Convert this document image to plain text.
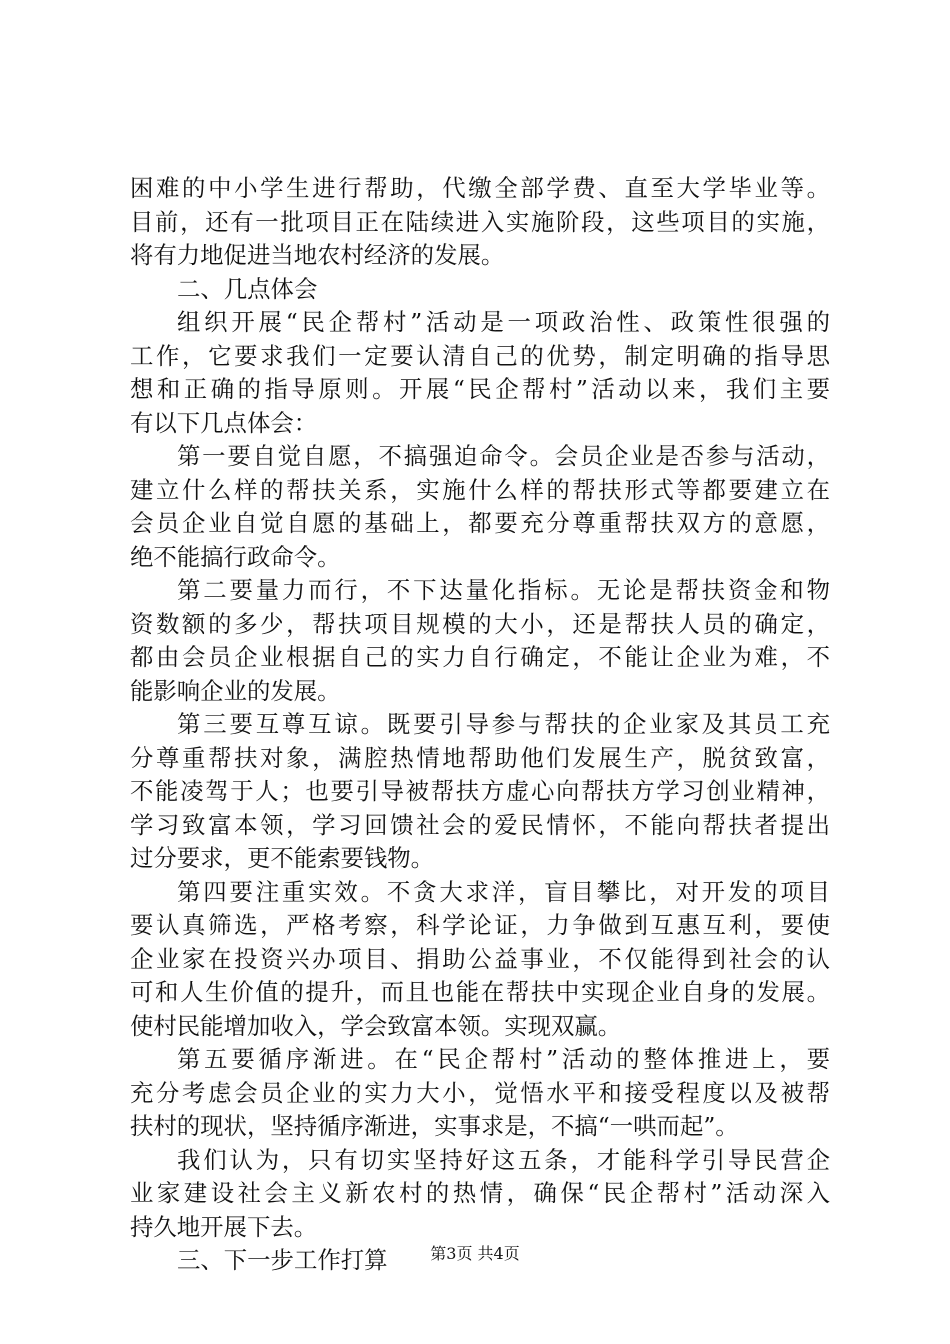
困难的中小学生进行帮助，代缴全部学费、直至大学毕业等。
目前，还有一批项目正在陆续进入实施阶段，这些项目的实施，
将有力地促进当地农村经济的发展。
二、几点体会
组织开展“民企帮村”活动是一项政治性、政策性很强的
工作，它要求我们一定要认清自己的优势，制定明确的指导思
想和正确的指导原则。开展“民企帮村”活动以来，我们主要
有以下几点体会：
第一要自觉自愿，不搞强迫命令。会员企业是否参与活动，
建立什么样的帮扶关系，实施什么样的帮扶形式等都要建立在
会员企业自觉自愿的基础上，都要充分尊重帮扶双方的意愿，
绝不能搞行政命令。
第二要量力而行，不下达量化指标。无论是帮扶资金和物
资数额的多少，帮扶项目规模的大小，还是帮扶人员的确定，
都由会员企业根据自己的实力自行确定，不能让企业为难，不
能影响企业的发展。
第三要互尊互谅。既要引导参与帮扶的企业家及其员工充
分尊重帮扶对象，满腔热情地帮助他们发展生产，脱贫致富，
不能凌驾于人；也要引导被帮扶方虚心向帮扶方学习创业精神，
学习致富本领，学习回馈社会的爱民情怀，不能向帮扶者提出
过分要求，更不能索要钱物。
第四要注重实效。不贪大求洋，盲目攀比，对开发的项目
要认真筛选，严格考察，科学论证，力争做到互惠互利，要使
企业家在投资兴办项目、捐助公益事业，不仅能得到社会的认
可和人生价值的提升，而且也能在帮扶中实现企业自身的发展。
使村民能增加收入，学会致富本领。实现双赢。
第五要循序渐进。在“民企帮村”活动的整体推进上，要
充分考虑会员企业的实力大小，觉悟水平和接受程度以及被帮
扶村的现状，坚持循序渐进，实事求是，不搞“一哄而起”。
我们认为，只有切实坚持好这五条，才能科学引导民营企
业家建设社会主义新农村的热情，确保“民企帮村”活动深入
持久地开展下去。
三、下一步工作打算	第3页 共4页
